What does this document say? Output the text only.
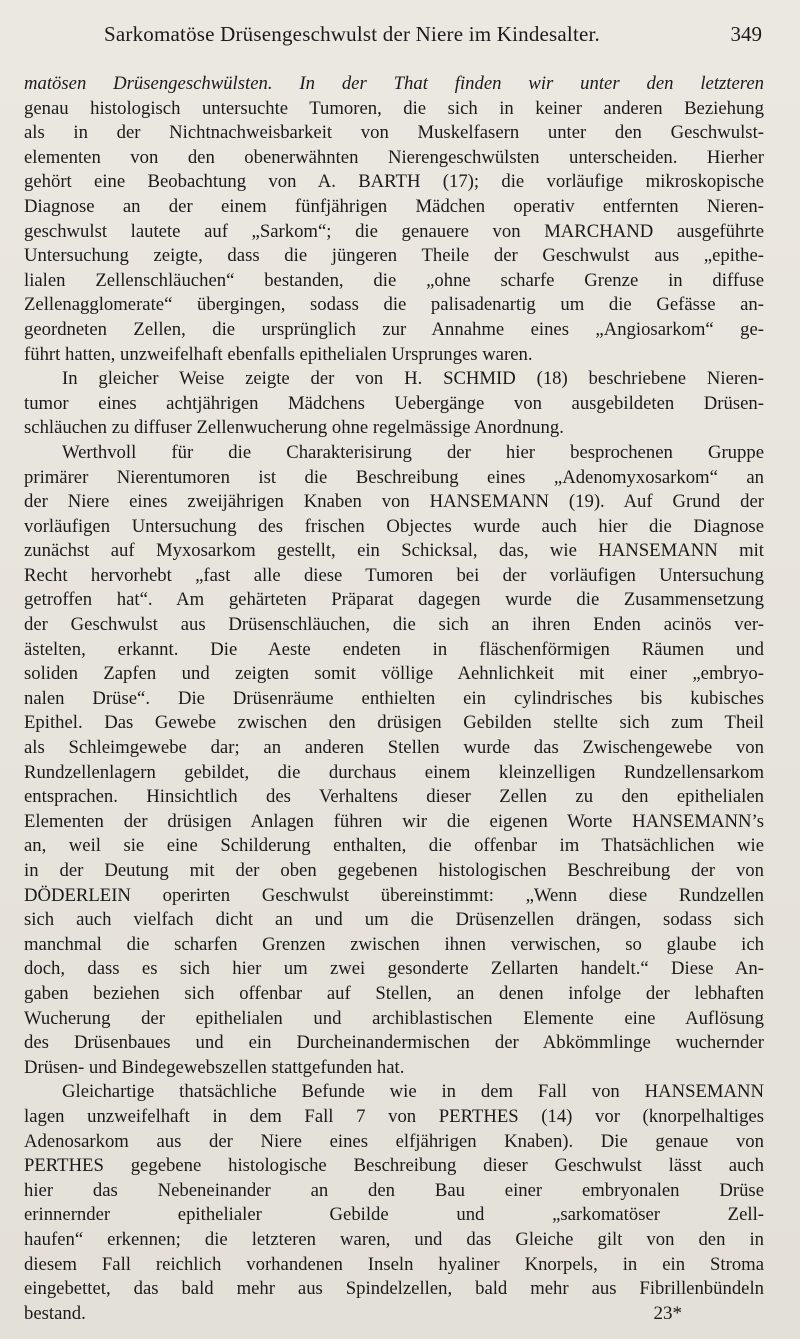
Sarkomatöse Drüsengeschwulst der Niere im Kindesalter.	349
matösen Drüsengeschwülsten. In der That finden wir unter den letzteren
genau histologisch untersuchte Tumoren, die sich in keiner anderen Beziehung
als in der Nichtnachweisbarkeit von Muskelfasern unter den Geschwulst-
elementen von den obenerwähnten Nierengeschwülsten unterscheiden. Hierher
gehört eine Beobachtung von A. BARTH (17); die vorläufige mikroskopische
Diagnose an der einem fünfjährigen Mädchen operativ entfernten Nieren-
geschwulst lautete auf „Sarkom“; die genauere von MARCHAND ausgeführte
Untersuchung zeigte, dass die jüngeren Theile der Geschwulst aus „epithe-
lialen Zellenschläuchen“ bestanden, die „ohne scharfe Grenze in diffuse
Zellenagglomerate“ übergingen, sodass die palisadenartig um die Gefässe an-
geordneten Zellen, die ursprünglich zur Annahme eines „Angiosarkom“ ge-
führt hatten, unzweifelhaft ebenfalls epithelialen Ursprunges waren.
In gleicher Weise zeigte der von H. SCHMID (18) beschriebene Nieren-
tumor eines achtjährigen Mädchens Uebergänge von ausgebildeten Drüsen-
schläuchen zu diffuser Zellenwucherung ohne regelmässige Anordnung.
Werthvoll für die Charakterisirung der hier besprochenen Gruppe
primärer Nierentumoren ist die Beschreibung eines „Adenomyxosarkom“ an
der Niere eines zweijährigen Knaben von HANSEMANN (19). Auf Grund der
vorläufigen Untersuchung des frischen Objectes wurde auch hier die Diagnose
zunächst auf Myxosarkom gestellt, ein Schicksal, das, wie HANSEMANN mit
Recht hervorhebt „fast alle diese Tumoren bei der vorläufigen Untersuchung
getroffen hat“. Am gehärteten Präparat dagegen wurde die Zusammensetzung
der Geschwulst aus Drüsenschläuchen, die sich an ihren Enden acinös ver-
ästelten, erkannt. Die Aeste endeten in fläschenförmigen Räumen und
soliden Zapfen und zeigten somit völlige Aehnlichkeit mit einer „embryo-
nalen Drüse“. Die Drüsenräume enthielten ein cylindrisches bis kubisches
Epithel. Das Gewebe zwischen den drüsigen Gebilden stellte sich zum Theil
als Schleimgewebe dar; an anderen Stellen wurde das Zwischengewebe von
Rundzellenlagern gebildet, die durchaus einem kleinzelligen Rundzellensarkom
entsprachen. Hinsichtlich des Verhaltens dieser Zellen zu den epithelialen
Elementen der drüsigen Anlagen führen wir die eigenen Worte HANSEMANN’s
an, weil sie eine Schilderung enthalten, die offenbar im Thatsächlichen wie
in der Deutung mit der oben gegebenen histologischen Beschreibung der von
DÖDERLEIN operirten Geschwulst übereinstimmt: „Wenn diese Rundzellen
sich auch vielfach dicht an und um die Drüsenzellen drängen, sodass sich
manchmal die scharfen Grenzen zwischen ihnen verwischen, so glaube ich
doch, dass es sich hier um zwei gesonderte Zellarten handelt.“ Diese An-
gaben beziehen sich offenbar auf Stellen, an denen infolge der lebhaften
Wucherung der epithelialen und archiblastischen Elemente eine Auflösung
des Drüsenbaues und ein Durcheinandermischen der Abkömmlinge wuchernder
Drüsen- und Bindegewebszellen stattgefunden hat.
Gleichartige thatsächliche Befunde wie in dem Fall von HANSEMANN
lagen unzweifelhaft in dem Fall 7 von PERTHES (14) vor (knorpelhaltiges
Adenosarkom aus der Niere eines elfjährigen Knaben). Die genaue von
PERTHES gegebene histologische Beschreibung dieser Geschwulst lässt auch
hier das Nebeneinander an den Bau einer embryonalen Drüse
erinnernder epithelialer Gebilde und „sarkomatöser Zell-
haufen“ erkennen; die letzteren waren, und das Gleiche gilt von den in
diesem Fall reichlich vorhandenen Inseln hyaliner Knorpels, in ein Stroma
eingebettet, das bald mehr aus Spindelzellen, bald mehr aus Fibrillenbündeln
bestand.	23*
